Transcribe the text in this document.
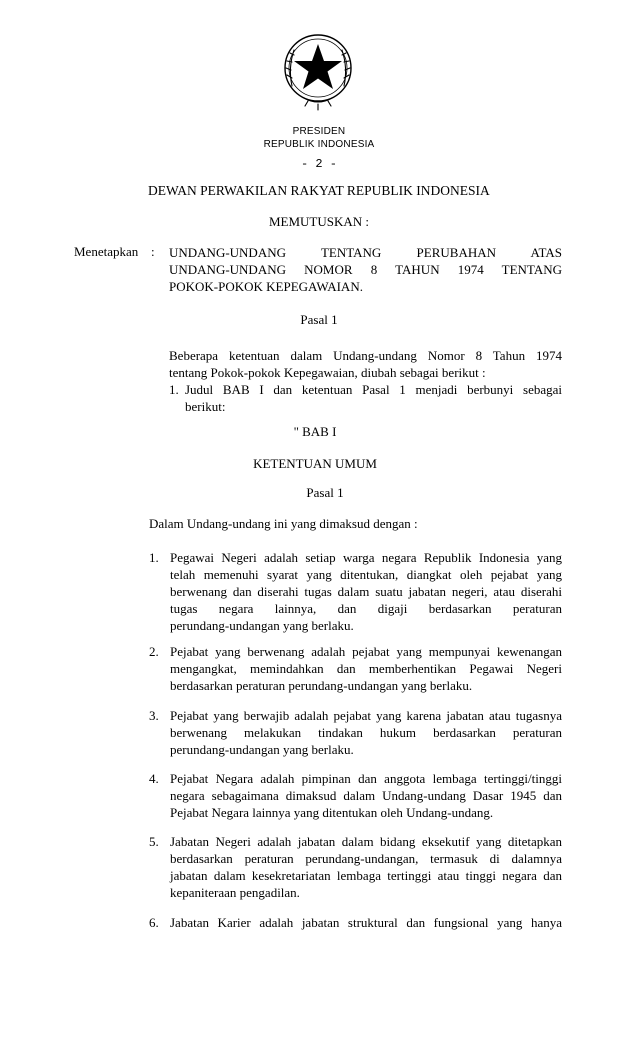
PRESIDEN
REPUBLIK INDONESIA
- 2 -
DEWAN PERWAKILAN RAKYAT REPUBLIK INDONESIA
MEMUTUSKAN :
Menetapkan : UNDANG-UNDANG TENTANG PERUBAHAN ATAS
UNDANG-UNDANG NOMOR 8 TAHUN 1974 TENTANG
POKOK-POKOK KEPEGAWAIAN.
Pasal 1
Beberapa ketentuan dalam Undang-undang Nomor 8 Tahun 1974
tentang Pokok-pokok Kepegawaian, diubah sebagai berikut :
1. Judul BAB I dan ketentuan Pasal 1 menjadi berbunyi sebagai
berikut:
" BAB I
KETENTUAN UMUM
Pasal 1
Dalam Undang-undang ini yang dimaksud dengan :
1. Pegawai Negeri adalah setiap warga negara Republik Indonesia yang
telah memenuhi syarat yang ditentukan, diangkat oleh pejabat yang
berwenang dan diserahi tugas dalam suatu jabatan negeri, atau diserahi
tugas negara lainnya, dan digaji berdasarkan peraturan
perundang-undangan yang berlaku.
2. Pejabat yang berwenang adalah pejabat yang mempunyai kewenangan
mengangkat, memindahkan dan memberhentikan Pegawai Negeri
berdasarkan peraturan perundang-undangan yang berlaku.
3. Pejabat yang berwajib adalah pejabat yang karena jabatan atau tugasnya
berwenang melakukan tindakan hukum berdasarkan peraturan
perundang-undangan yang berlaku.
4. Pejabat Negara adalah pimpinan dan anggota lembaga tertinggi/tinggi
negara sebagaimana dimaksud dalam Undang-undang Dasar 1945 dan
Pejabat Negara lainnya yang ditentukan oleh Undang-undang.
5. Jabatan Negeri adalah jabatan dalam bidang eksekutif yang ditetapkan
berdasarkan peraturan perundang-undangan, termasuk di dalamnya
jabatan dalam kesekretariatan lembaga tertinggi atau tinggi negara dan
kepaniteraan pengadilan.
6. Jabatan Karier adalah jabatan struktural dan fungsional yang hanya
